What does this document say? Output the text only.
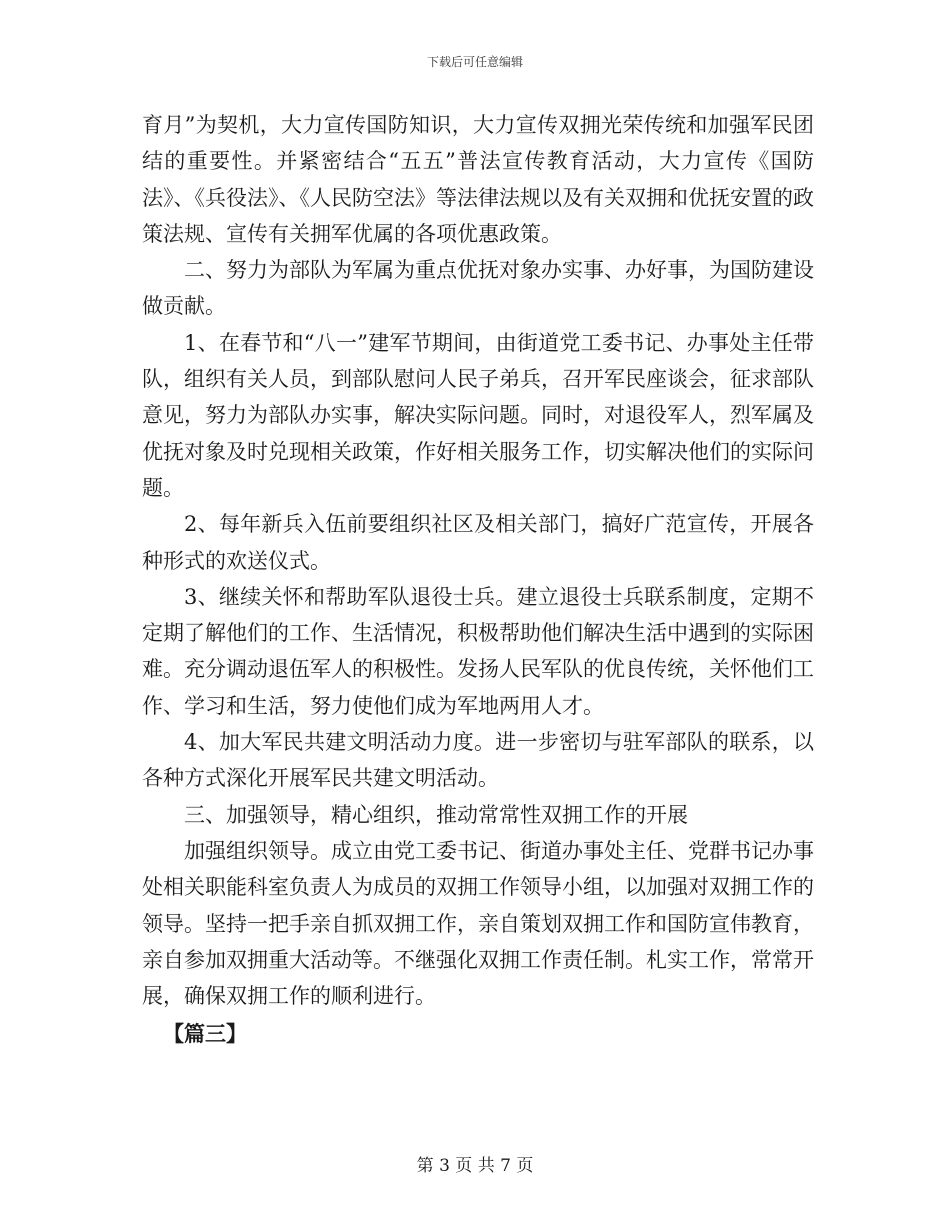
下载后可任意编辑

育月”为契机，大力宣传国防知识，大力宣传双拥光荣传统和加强军民团结的重要性。并紧密结合“五五”普法宣传教育活动，大力宣传《国防法》、《兵役法》、《人民防空法》等法律法规以及有关双拥和优抚安置的政策法规、宣传有关拥军优属的各项优惠政策。

二、努力为部队为军属为重点优抚对象办实事、办好事，为国防建设做贡献。

1、在春节和“八一”建军节期间，由街道党工委书记、办事处主任带队，组织有关人员，到部队慰问人民子弟兵，召开军民座谈会，征求部队意见，努力为部队办实事，解决实际问题。同时，对退役军人，烈军属及优抚对象及时兑现相关政策，作好相关服务工作，切实解决他们的实际问题。

2、每年新兵入伍前要组织社区及相关部门，搞好广范宣传，开展各种形式的欢送仪式。

3、继续关怀和帮助军队退役士兵。建立退役士兵联系制度，定期不定期了解他们的工作、生活情况，积极帮助他们解决生活中遇到的实际困难。充分调动退伍军人的积极性。发扬人民军队的优良传统，关怀他们工作、学习和生活，努力使他们成为军地两用人才。

4、加大军民共建文明活动力度。进一步密切与驻军部队的联系，以各种方式深化开展军民共建文明活动。

三、加强领导，精心组织，推动常常性双拥工作的开展

加强组织领导。成立由党工委书记、街道办事处主任、党群书记办事处相关职能科室负责人为成员的双拥工作领导小组，以加强对双拥工作的领导。坚持一把手亲自抓双拥工作，亲自策划双拥工作和国防宣伟教育，亲自参加双拥重大活动等。不继强化双拥工作责任制。札实工作，常常开展，确保双拥工作的顺利进行。

【篇三】

第 3 页 共 7 页
